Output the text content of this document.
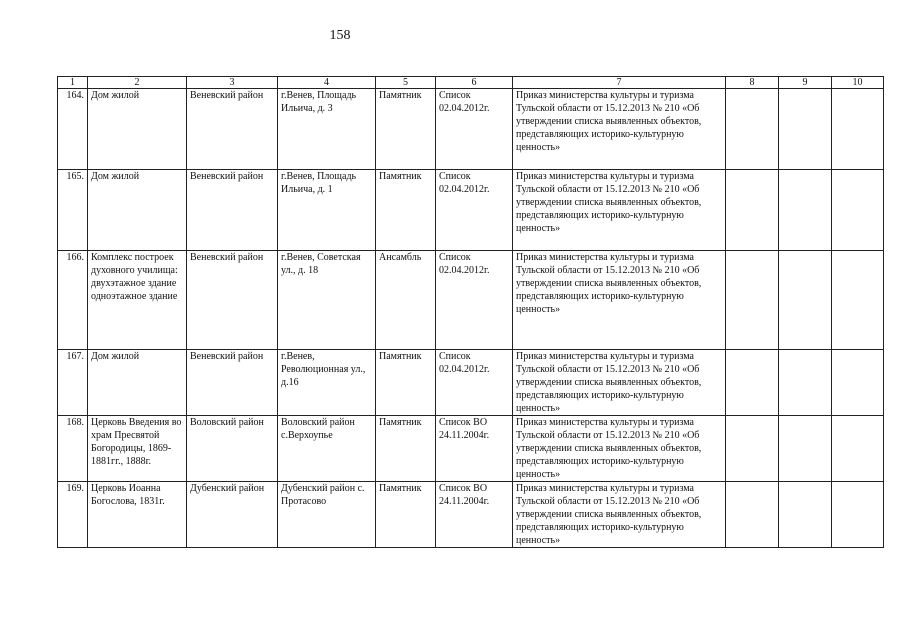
158
1	2	3	4	5	6	7	8	9	10
164.	Дом жилой	Веневский район	г.Венев, Площадь Ильича, д. 3	Памятник	Список 02.04.2012г.	Приказ министерства культуры и туризма Тульской области от 15.12.2013 № 210 «Об утверждении списка выявленных объектов, представляющих историко-культурную ценность»			
165.	Дом жилой	Веневский район	г.Венев, Площадь Ильича, д. 1	Памятник	Список 02.04.2012г.	Приказ министерства культуры и туризма Тульской области от 15.12.2013 № 210 «Об утверждении списка выявленных объектов, представляющих историко-культурную ценность»			
166.	Комплекс построек духовного училища: двухэтажное здание одноэтажное здание	Веневский район	г.Венев, Советская ул., д. 18	Ансамбль	Список 02.04.2012г.	Приказ министерства культуры и туризма Тульской области от 15.12.2013 № 210 «Об утверждении списка выявленных объектов, представляющих историко-культурную ценность»			
167.	Дом жилой	Веневский район	г.Венев, Революционная ул., д.16	Памятник	Список 02.04.2012г.	Приказ министерства культуры и туризма Тульской области от 15.12.2013 № 210 «Об утверждении списка выявленных объектов, представляющих историко-культурную ценность»			
168.	Церковь Введения во храм Пресвятой Богородицы, 1869-1881гг., 1888г.	Воловский район	Воловский район с.Верхоупье	Памятник	Список ВО 24.11.2004г.	Приказ министерства культуры и туризма Тульской области от 15.12.2013 № 210 «Об утверждении списка выявленных объектов, представляющих историко-культурную ценность»			
169.	Церковь Иоанна Богослова, 1831г.	Дубенский район	Дубенский район с. Протасово	Памятник	Список ВО 24.11.2004г.	Приказ министерства культуры и туризма Тульской области от 15.12.2013 № 210 «Об утверждении списка выявленных объектов, представляющих историко-культурную ценность»			
